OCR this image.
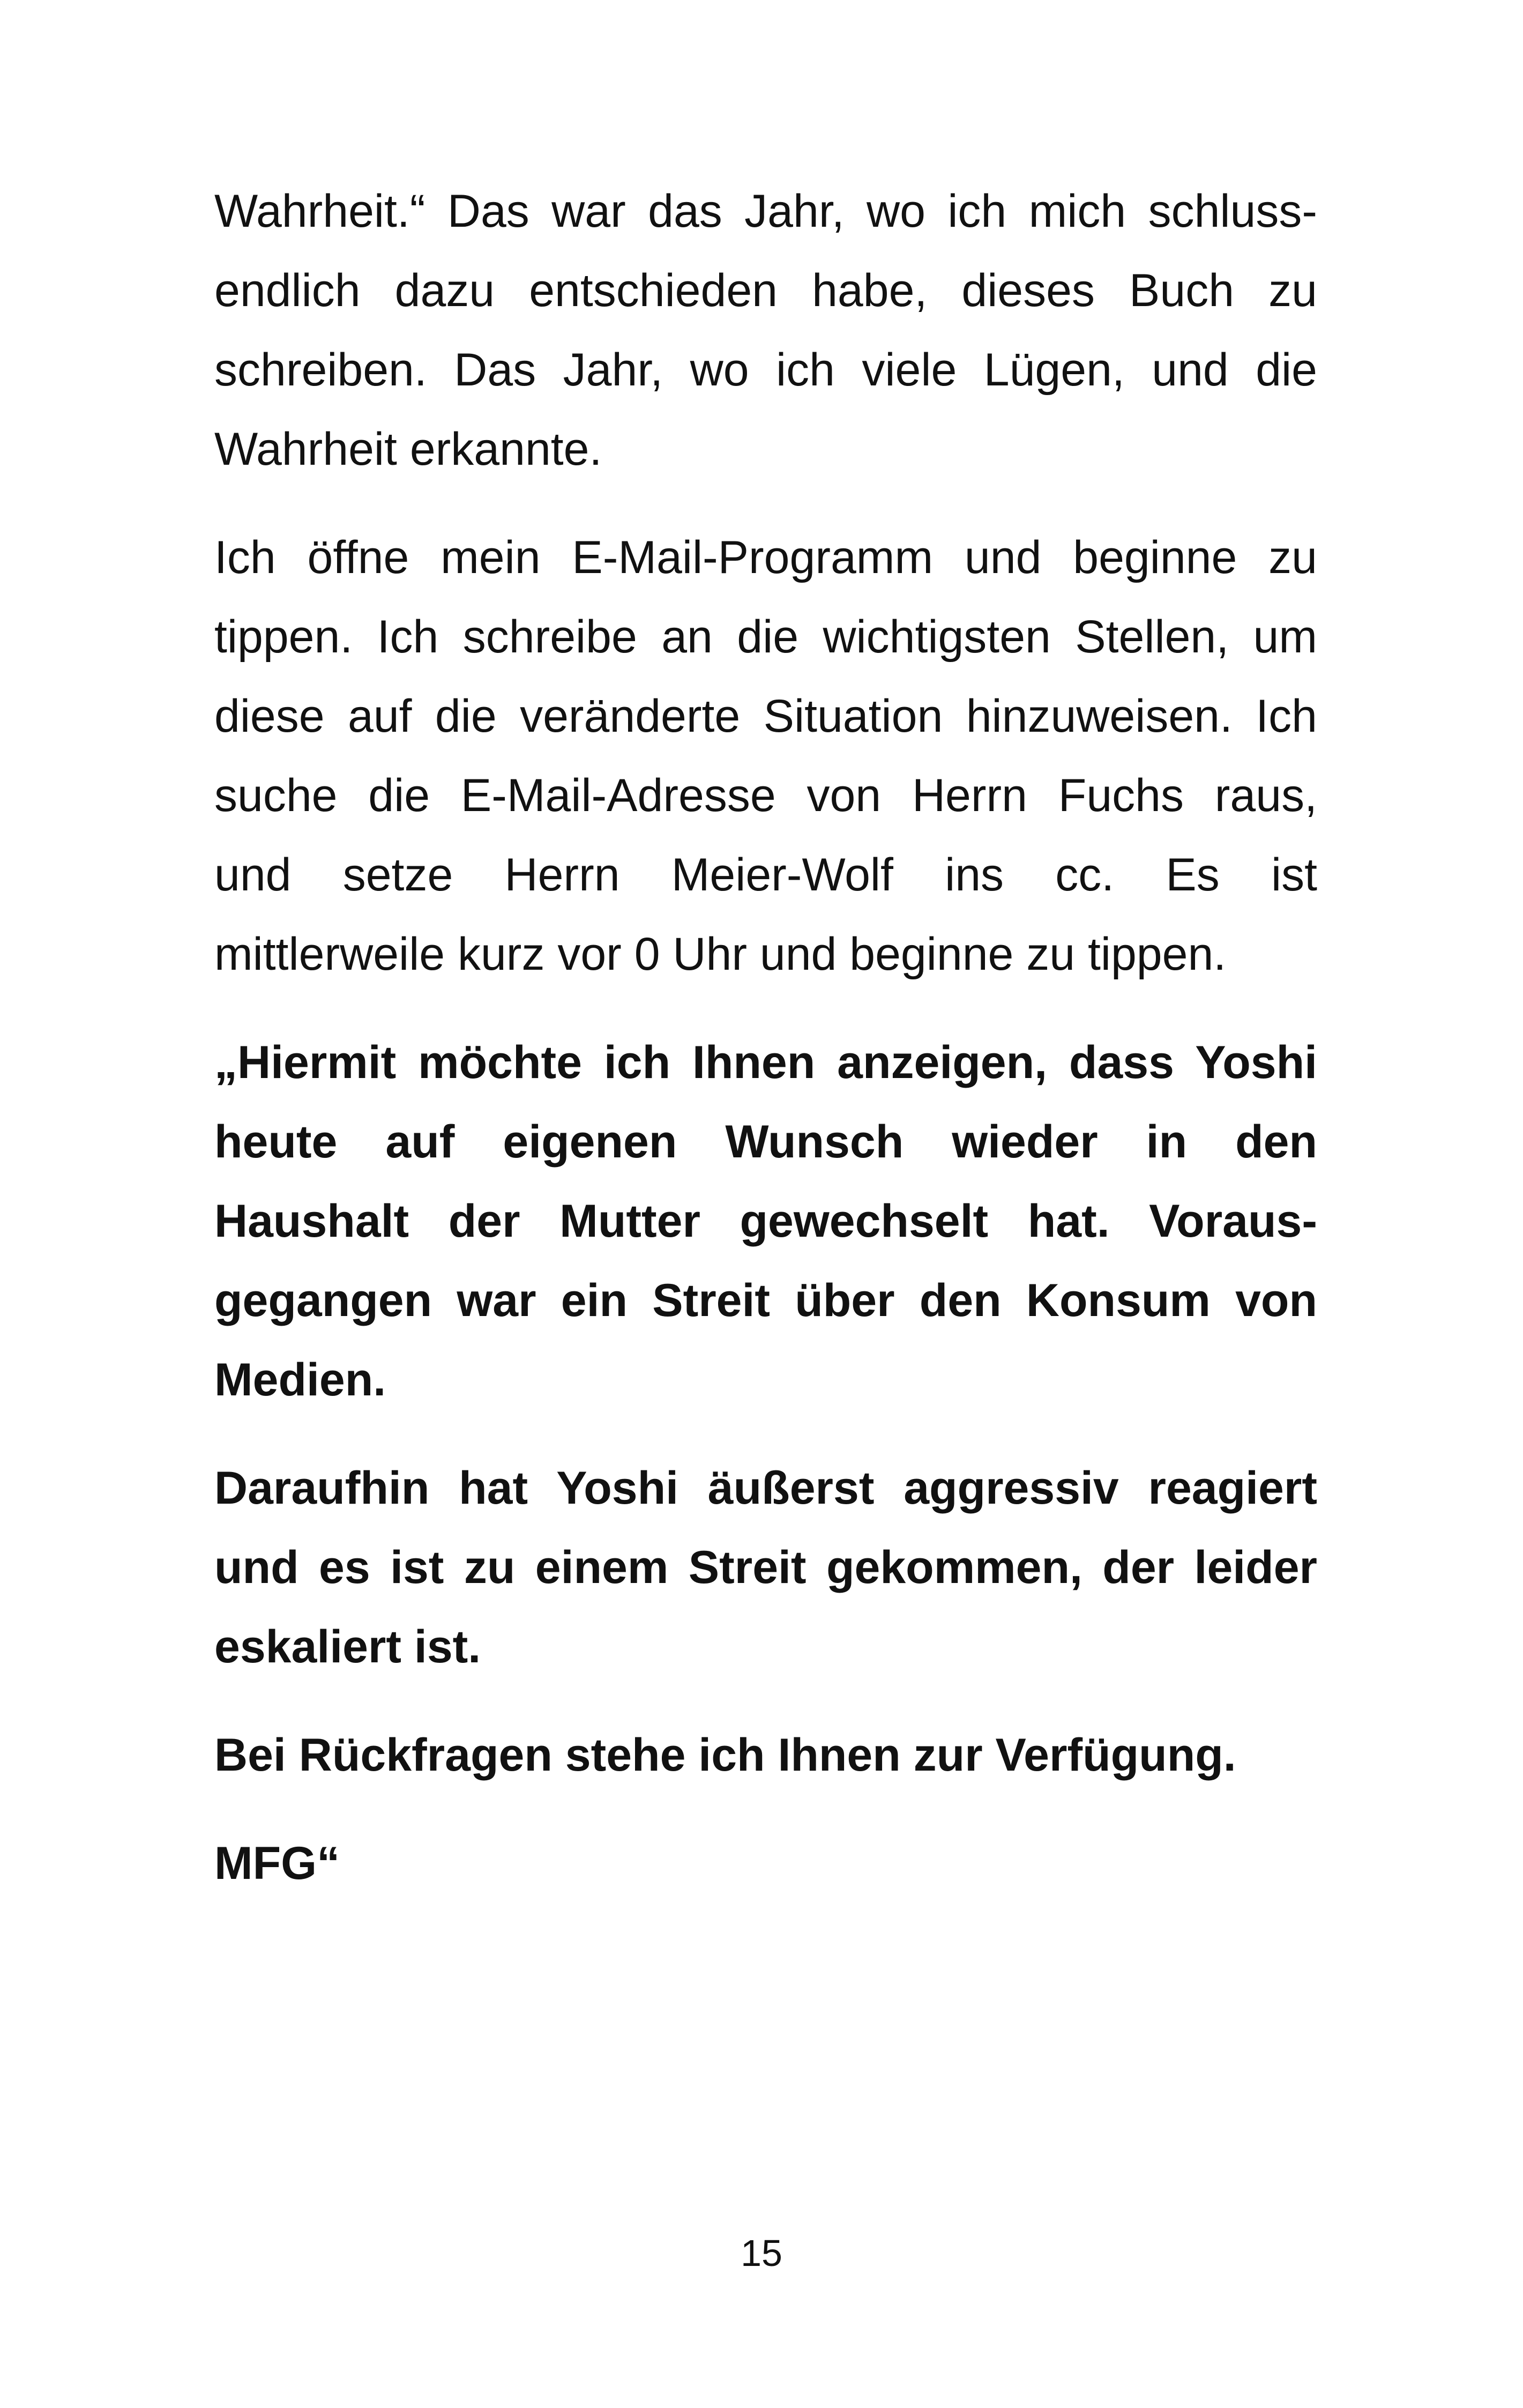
Wahrheit.“ Das war das Jahr, wo ich mich schluss-
endlich dazu entschieden habe, dieses Buch zu
schreiben. Das Jahr, wo ich viele Lügen, und die
Wahrheit erkannte.

Ich öffne mein E-Mail-Programm und beginne zu
tippen. Ich schreibe an die wichtigsten Stellen, um
diese auf die veränderte Situation hinzuweisen. Ich
suche die E-Mail-Adresse von Herrn Fuchs raus,
und setze Herrn Meier-Wolf ins cc. Es ist
mittlerweile kurz vor 0 Uhr und beginne zu tippen.

„Hiermit möchte ich Ihnen anzeigen, dass Yoshi
heute auf eigenen Wunsch wieder in den
Haushalt der Mutter gewechselt hat. Voraus-
gegangen war ein Streit über den Konsum von
Medien.

Daraufhin hat Yoshi äußerst aggressiv reagiert
und es ist zu einem Streit gekommen, der leider
eskaliert ist.

Bei Rückfragen stehe ich Ihnen zur Verfügung.

MFG“

15
